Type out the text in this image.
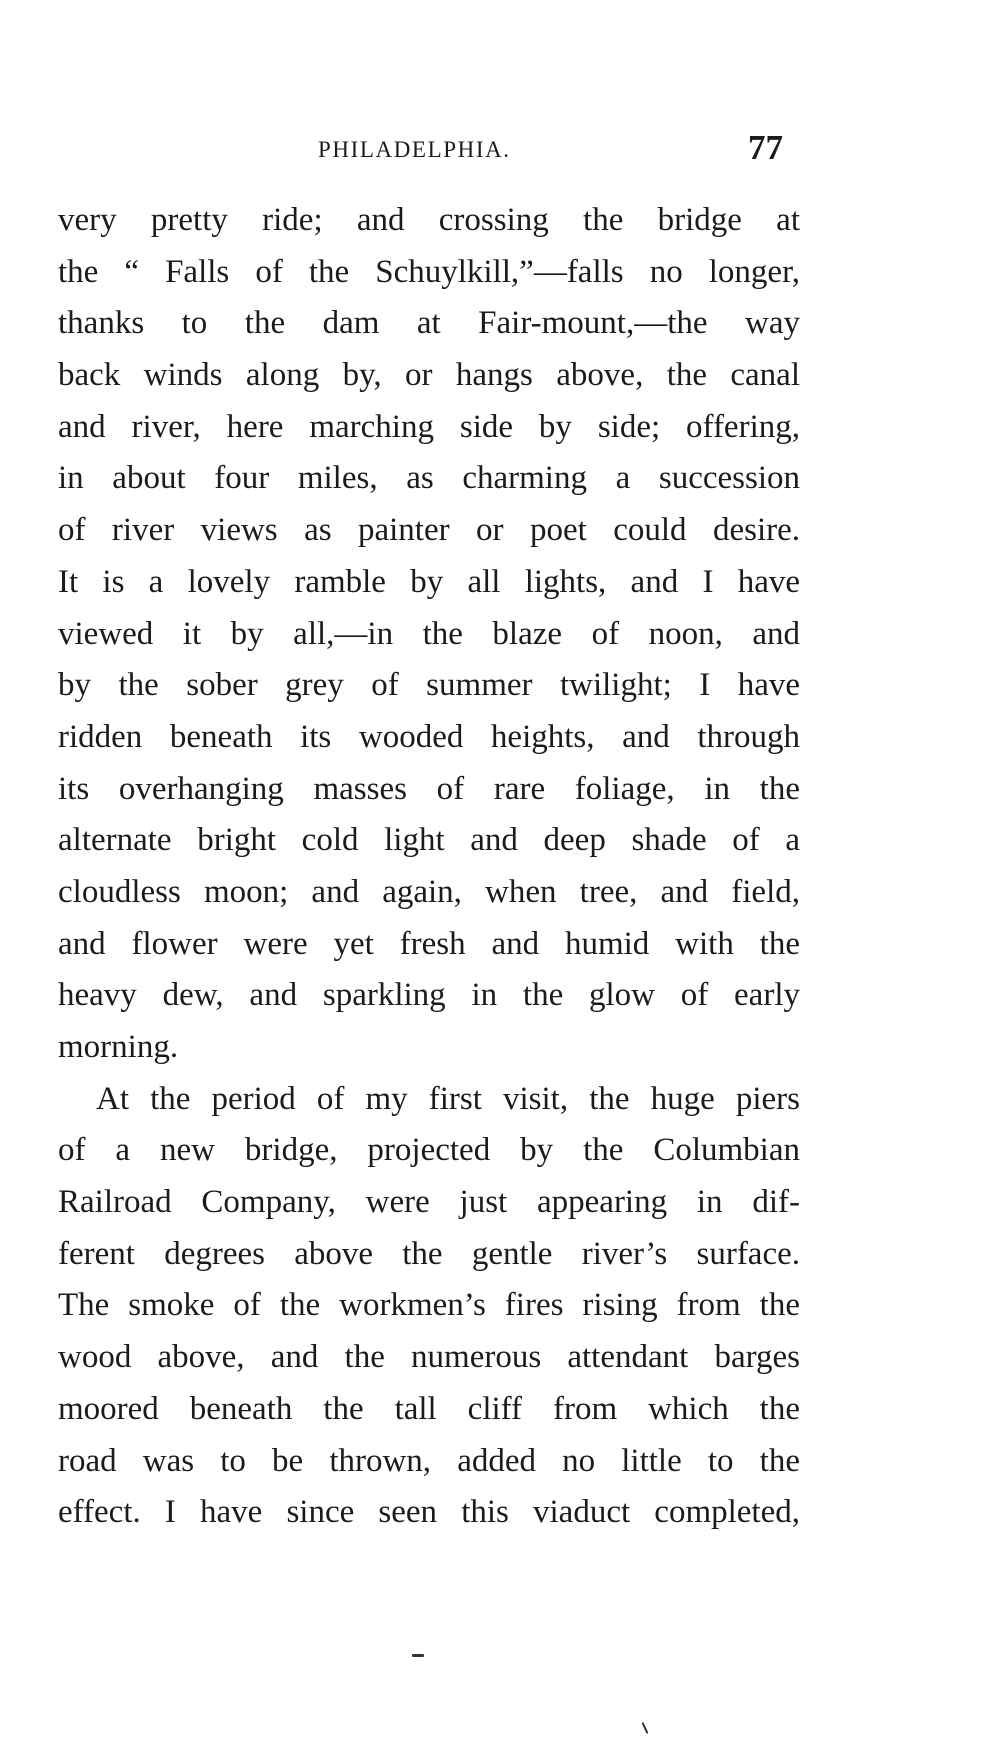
PHILADELPHIA.	77
very pretty ride; and crossing the bridge at
the “ Falls of the Schuylkill,”—falls no longer,
thanks to the dam at Fair-mount,—the way
back winds along by, or hangs above, the canal
and river, here marching side by side; offering,
in about four miles, as charming a succession
of river views as painter or poet could desire.
It is a lovely ramble by all lights, and I have
viewed it by all,—in the blaze of noon, and
by the sober grey of summer twilight; I have
ridden beneath its wooded heights, and through
its overhanging masses of rare foliage, in the
alternate bright cold light and deep shade of a
cloudless moon; and again, when tree, and field,
and flower were yet fresh and humid with the
heavy dew, and sparkling in the glow of early
morning.
At the period of my first visit, the huge piers
of a new bridge, projected by the Columbian
Railroad Company, were just appearing in dif-
ferent degrees above the gentle river’s surface.
The smoke of the workmen’s fires rising from the
wood above, and the numerous attendant barges
moored beneath the tall cliff from which the
road was to be thrown, added no little to the
effect. I have since seen this viaduct completed,
